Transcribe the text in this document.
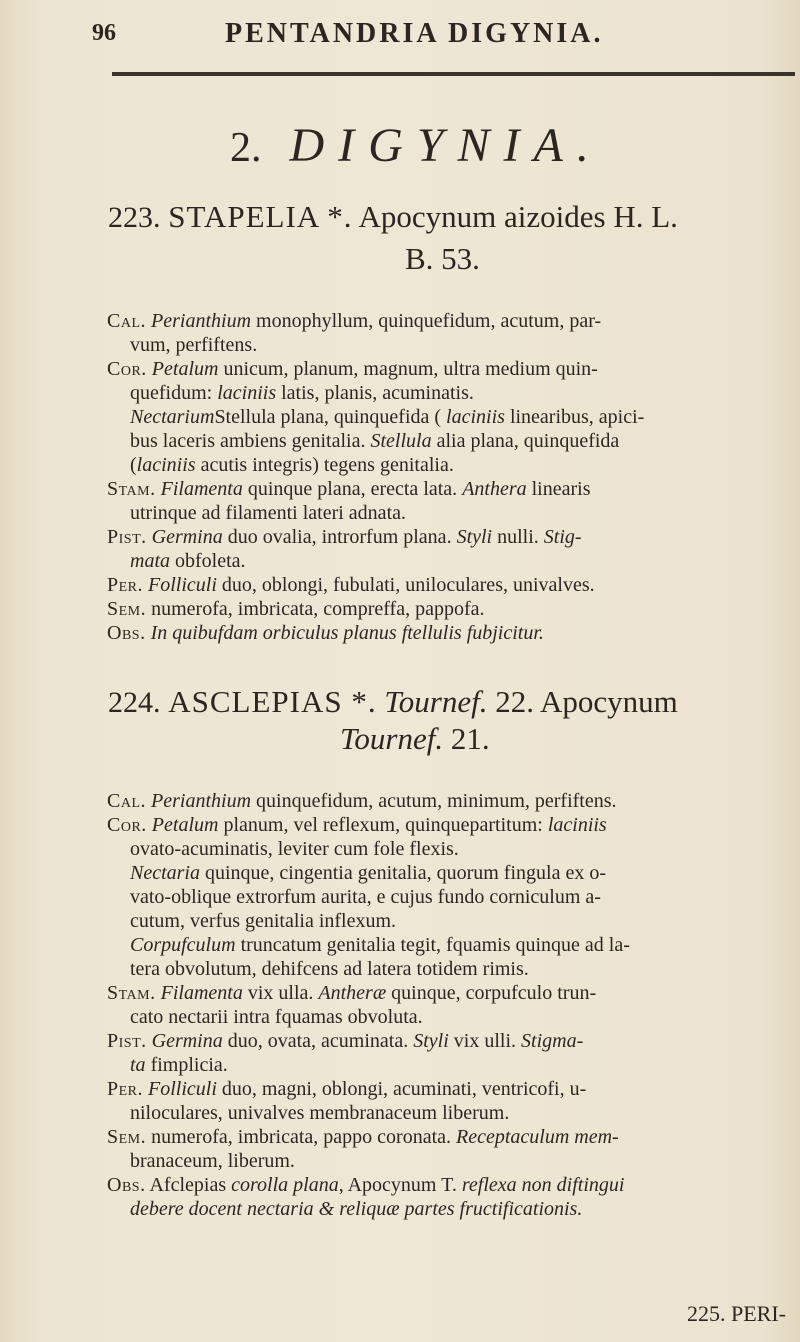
96	PENTANDRIA DIGYNIA.
2. DIGYNIA.
223. STAPELIA *. Apocynum aizoides H. L.
B. 53.
Cal. Perianthium monophyllum, quinquefidum, acutum, par-
vum, perfiftens.
Cor. Petalum unicum, planum, magnum, ultra medium quin-
quefidum: laciniis latis, planis, acuminatis.
NectariumStellula plana, quinquefida ( laciniis linearibus, apici-
bus laceris ambiens genitalia. Stellula alia plana, quinquefida
(laciniis acutis integris) tegens genitalia.
Stam. Filamenta quinque plana, erecta lata. Anthera linearis
utrinque ad filamenti lateri adnata.
Pist. Germina duo ovalia, introrfum plana. Styli nulli. Stig-
mata obfoleta.
Per. Folliculi duo, oblongi, fubulati, uniloculares, univalves.
Sem. numerofa, imbricata, compreffa, pappofa.
Obs. In quibufdam orbiculus planus ftellulis fubjicitur.
224. ASCLEPIAS *. Tournef. 22. Apocynum
Tournef. 21.
Cal. Perianthium quinquefidum, acutum, minimum, perfiftens.
Cor. Petalum planum, vel reflexum, quinquepartitum: laciniis
ovato-acuminatis, leviter cum fole flexis.
Nectaria quinque, cingentia genitalia, quorum fingula ex o-
vato-oblique extrorfum aurita, e cujus fundo corniculum a-
cutum, verfus genitalia inflexum.
Corpufculum truncatum genitalia tegit, fquamis quinque ad la-
tera obvolutum, dehifcens ad latera totidem rimis.
Stam. Filamenta vix ulla. Antheræ quinque, corpufculo trun-
cato nectarii intra fquamas obvoluta.
Pist. Germina duo, ovata, acuminata. Styli vix ulli. Stigma-
ta fimplicia.
Per. Folliculi duo, magni, oblongi, acuminati, ventricofi, u-
niloculares, univalves membranaceum liberum.
Sem. numerofa, imbricata, pappo coronata. Receptaculum mem-
branaceum, liberum.
Obs. Afclepias corolla plana, Apocynum T. reflexa non diftingui
debere docent nectaria & reliquæ partes fructificationis.
225. PERI-
